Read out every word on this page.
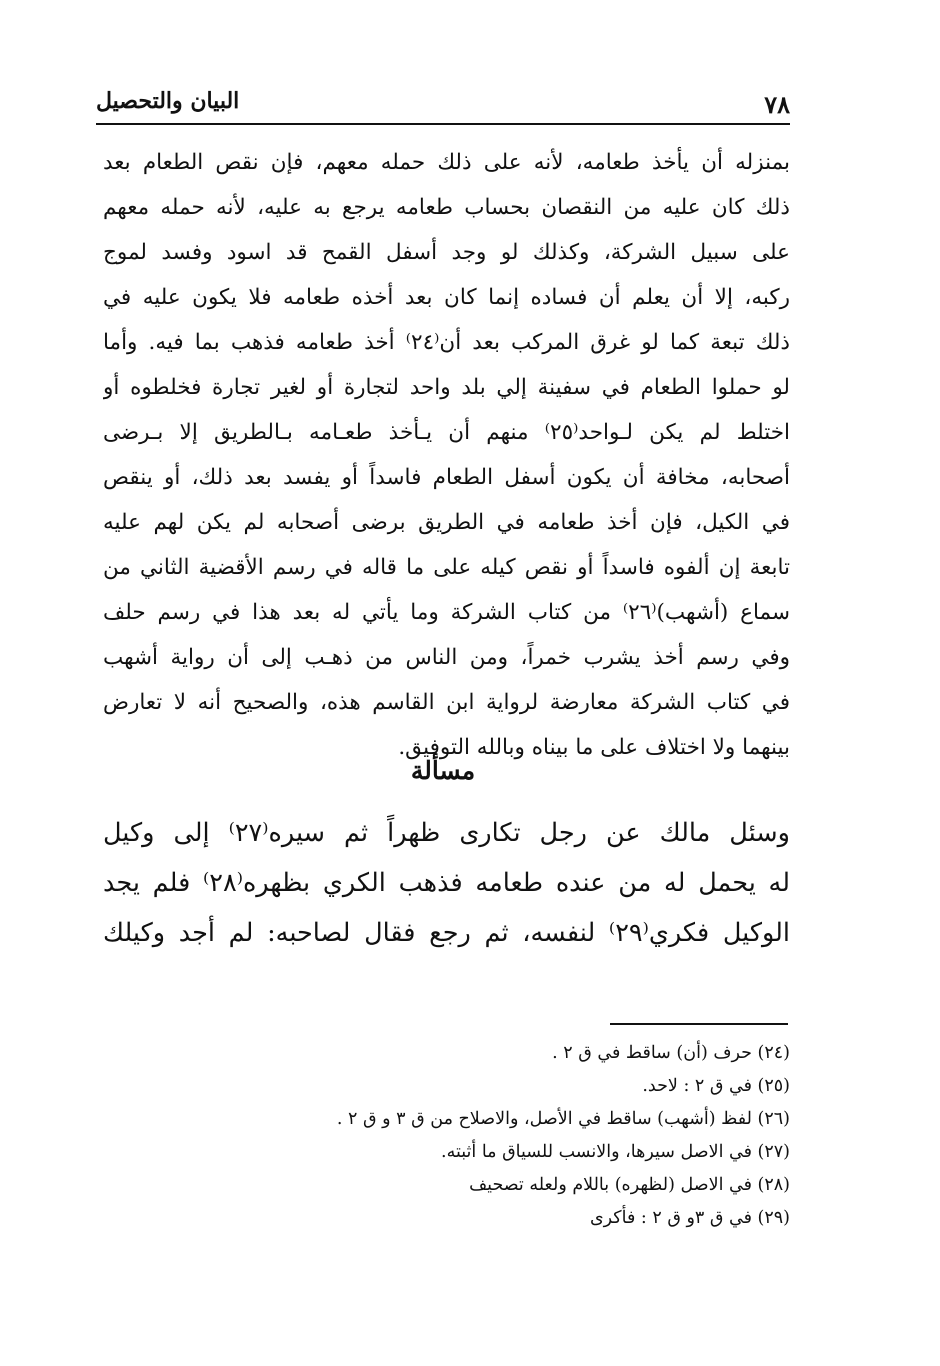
٧٨
البيان والتحصيل
بمنزله أن يأخذ طعامه، لأنه على ذلك حمله معهم، فإن نقص الطعام بعد
ذلك كان عليه من النقصان بحساب طعامه يرجع به عليه، لأنه حمله معهم
على سبيل الشركة، وكذلك لو وجد أسفل القمح قد اسود وفسد لموج
ركبه، إلا أن يعلم أن فساده إنما كان بعد أخذه طعامه فلا يكون عليه في
ذلك تبعة كما لو غرق المركب بعد أن⁽٢٤⁾ أخذ طعامه فذهب بما فيه. وأما
لو حملوا الطعام في سفينة إلي بلد واحد لتجارة أو لغير تجارة فخلطوه أو
اختلط لم يكن لـواحد⁽٢٥⁾ منهم أن يـأخذ طعـامه بـالطريق إلا بـرضى
أصحابه، مخافة أن يكون أسفل الطعام فاسداً أو يفسد بعد ذلك، أو ينقص
في الكيل، فإن أخذ طعامه في الطريق برضى أصحابه لم يكن لهم عليه
تابعة إن ألفوه فاسداً أو نقص كيله على ما قاله في رسم الأقضية الثاني من
سماع (أشهب)⁽٢٦⁾ من كتاب الشركة وما يأتي له بعد هذا في رسم حلف
وفي رسم أخذ يشرب خمراً، ومن الناس من ذهـب إلى أن رواية أشهب
في كتاب الشركة معارضة لرواية ابن القاسم هذه، والصحيح أنه لا تعارض
بينهما ولا اختلاف على ما بيناه وبالله التوفيق.
مسألة
وسئل مالك عن رجل تكارى ظهراً ثم سيره⁽٢٧⁾ إلى وكيل
له يحمل له من عنده طعامه فذهب الكري بظهره⁽٢٨⁾ فلم يجد
الوكيل فكري⁽٢٩⁾ لنفسه، ثم رجع فقال لصاحبه: لم أجد وكيلك
(٢٤) حرف (أن) ساقط في ق ٢ .
(٢٥) في ق ٢ : لاحد.
(٢٦) لفظ (أشهب) ساقط في الأصل، والاصلاح من ق ٣ و ق ٢ .
(٢٧) في الاصل سيرها، والانسب للسياق ما أثبته.
(٢٨) في الاصل (لظهره) باللام ولعله تصحيف
(٢٩) في ق ٣و ق ٢ : فأكرى
